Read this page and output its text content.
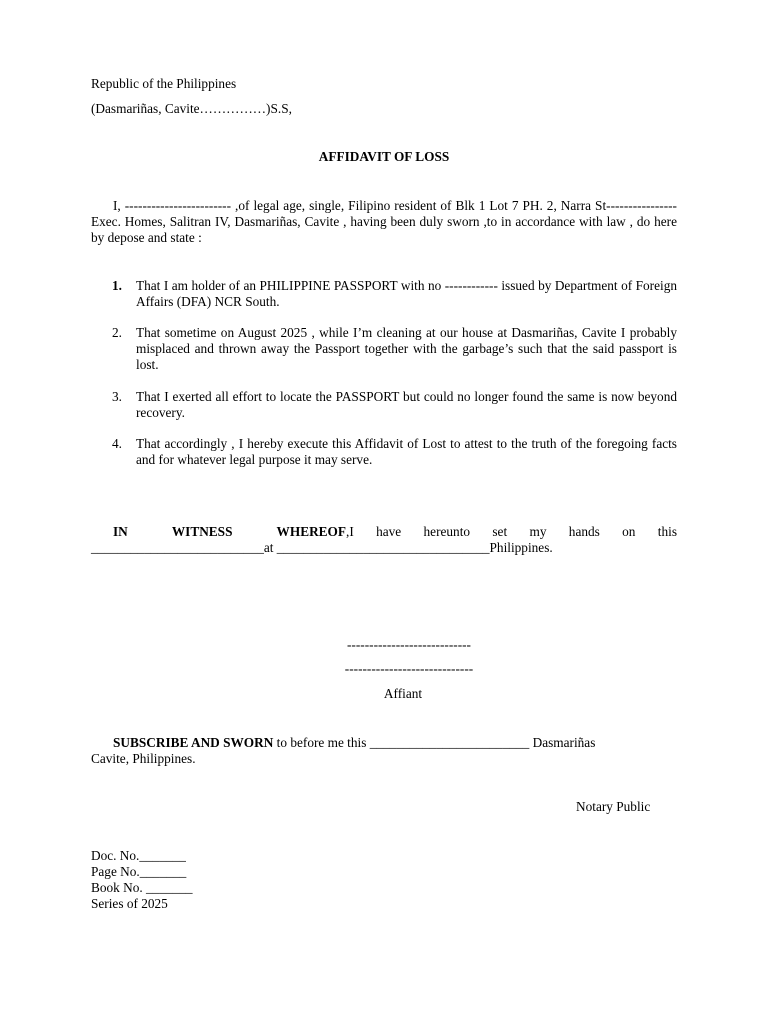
Republic of the Philippines
(Dasmariñas, Cavite……………)S.S,
AFFIDAVIT OF LOSS
I, ------------------------ ,of legal age, single, Filipino resident of Blk 1 Lot 7 PH. 2, Narra St---------------- Exec. Homes, Salitran IV, Dasmariñas, Cavite , having been duly sworn ,to in accordance with law , do here by depose and state :
1. That I am holder of an PHILIPPINE PASSPORT with no ------------ issued by Department of Foreign Affairs (DFA) NCR South.
2. That sometime on August 2025 , while I’m cleaning at our house at Dasmariñas, Cavite I probably misplaced and thrown away the Passport together with the garbage’s such that the said passport is lost.
3. That I exerted all effort to locate the PASSPORT but could no longer found the same is now beyond recovery.
4. That accordingly , I hereby execute this Affidavit of Lost to attest to the truth of the foregoing facts and for whatever legal purpose it may serve.
IN WITNESS WHEREOF,I have hereunto set my hands on this
__________________________at ________________________________Philippines.
----------------------------
-----------------------------
Affiant
SUBSCRIBE AND SWORN to before me this ________________________ Dasmariñas
Cavite, Philippines.
Notary Public
Doc. No._______
Page No._______
Book No. _______
Series of 2025
